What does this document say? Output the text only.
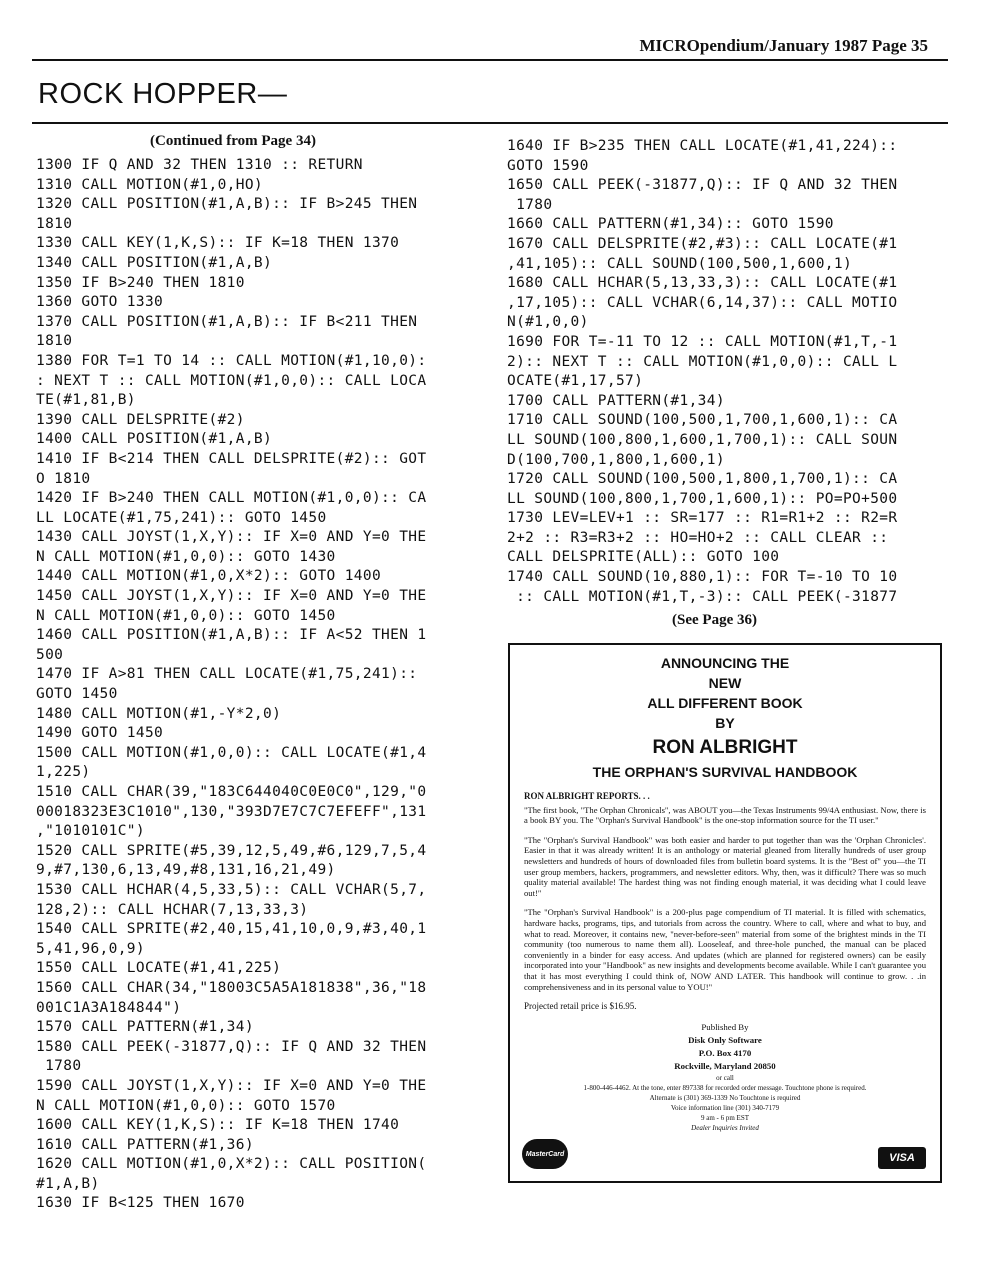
MICROpendium/January 1987 Page 35
ROCK HOPPER—
(Continued from Page 34)
1300 IF Q AND 32 THEN 1310 :: RETURN
1310 CALL MOTION(#1,0,HO)
1320 CALL POSITION(#1,A,B):: IF B>245 THEN
1810
1330 CALL KEY(1,K,S):: IF K=18 THEN 1370
1340 CALL POSITION(#1,A,B)
1350 IF B>240 THEN 1810
1360 GOTO 1330
1370 CALL POSITION(#1,A,B):: IF B<211 THEN
1810
1380 FOR T=1 TO 14 :: CALL MOTION(#1,10,0):
: NEXT T :: CALL MOTION(#1,0,0):: CALL LOCA
TE(#1,81,B)
1390 CALL DELSPRITE(#2)
1400 CALL POSITION(#1,A,B)
1410 IF B<214 THEN CALL DELSPRITE(#2):: GOT
O 1810
1420 IF B>240 THEN CALL MOTION(#1,0,0):: CA
LL LOCATE(#1,75,241):: GOTO 1450
1430 CALL JOYST(1,X,Y):: IF X=0 AND Y=0 THE
N CALL MOTION(#1,0,0):: GOTO 1430
1440 CALL MOTION(#1,0,X*2):: GOTO 1400
1450 CALL JOYST(1,X,Y):: IF X=0 AND Y=0 THE
N CALL MOTION(#1,0,0):: GOTO 1450
1460 CALL POSITION(#1,A,B):: IF A<52 THEN 1
500
1470 IF A>81 THEN CALL LOCATE(#1,75,241)::
GOTO 1450
1480 CALL MOTION(#1,-Y*2,0)
1490 GOTO 1450
1500 CALL MOTION(#1,0,0):: CALL LOCATE(#1,4
1,225)
1510 CALL CHAR(39,"183C644040C0E0C0",129,"0
00018323E3C1010",130,"393D7E7C7C7EFEFF",131
,"1010101C")
1520 CALL SPRITE(#5,39,12,5,49,#6,129,7,5,4
9,#7,130,6,13,49,#8,131,16,21,49)
1530 CALL HCHAR(4,5,33,5):: CALL VCHAR(5,7,
128,2):: CALL HCHAR(7,13,33,3)
1540 CALL SPRITE(#2,40,15,41,10,0,9,#3,40,1
5,41,96,0,9)
1550 CALL LOCATE(#1,41,225)
1560 CALL CHAR(34,"18003C5A5A181838",36,"18
001C1A3A184844")
1570 CALL PATTERN(#1,34)
1580 CALL PEEK(-31877,Q):: IF Q AND 32 THEN
1780
1590 CALL JOYST(1,X,Y):: IF X=0 AND Y=0 THE
N CALL MOTION(#1,0,0):: GOTO 1570
1600 CALL KEY(1,K,S):: IF K=18 THEN 1740
1610 CALL PATTERN(#1,36)
1620 CALL MOTION(#1,0,X*2):: CALL POSITION(
#1,A,B)
1630 IF B<125 THEN 1670
1640 IF B>235 THEN CALL LOCATE(#1,41,224)::
GOTO 1590
1650 CALL PEEK(-31877,Q):: IF Q AND 32 THEN
1780
1660 CALL PATTERN(#1,34):: GOTO 1590
1670 CALL DELSPRITE(#2,#3):: CALL LOCATE(#1
,41,105):: CALL SOUND(100,500,1,600,1)
1680 CALL HCHAR(5,13,33,3):: CALL LOCATE(#1
,17,105):: CALL VCHAR(6,14,37):: CALL MOTIO
N(#1,0,0)
1690 FOR T=-11 TO 12 :: CALL MOTION(#1,T,-1
2):: NEXT T :: CALL MOTION(#1,0,0):: CALL L
OCATE(#1,17,57)
1700 CALL PATTERN(#1,34)
1710 CALL SOUND(100,500,1,700,1,600,1):: CA
LL SOUND(100,800,1,600,1,700,1):: CALL SOUN
D(100,700,1,800,1,600,1)
1720 CALL SOUND(100,500,1,800,1,700,1):: CA
LL SOUND(100,800,1,700,1,600,1):: PO=PO+500
1730 LEV=LEV+1 :: SR=177 :: R1=R1+2 :: R2=R
2+2 :: R3=R3+2 :: HO=HO+2 :: CALL CLEAR ::
CALL DELSPRITE(ALL):: GOTO 100
1740 CALL SOUND(10,880,1):: FOR T=-10 TO 10
:: CALL MOTION(#1,T,-3):: CALL PEEK(-31877
(See Page 36)
ANNOUNCING THE
NEW
ALL DIFFERENT BOOK
BY
RON ALBRIGHT
THE ORPHAN'S SURVIVAL HANDBOOK

RON ALBRIGHT REPORTS. . .

"The first book, "The Orphan Chronicals", was ABOUT you—the Texas Instruments 99/4A enthusiast. Now, there is a book BY you. The "Orphan's Survival Handbook" is the one-stop information source for the TI user."

"The "Orphan's Survival Handbook" was both easier and harder to put together than was the 'Orphan Chronicles'. Easier in that it was already written! It is an anthology or material gleaned from literally hundreds of user group newsletters and hundreds of hours of downloaded files from bulletin board systems. It is the "Best of" you—the TI user group members, hackers, programmers, and newsletter editors. Why, then, was it difficult? There was so much quality material available! The hardest thing was not finding enough material, it was deciding what I could leave out!"

"The "Orphan's Survival Handbook" is a 200-plus page compendium of TI material. It is filled with schematics, hardware hacks, programs, tips, and tutorials from across the country. Where to call, where and what to buy, and what to read. Moreover, it contains new, "never-before-seen" material from some of the brightest minds in the TI community (too numerous to name them all). Looseleaf, and three-hole punched, the manual can be placed conveniently in a binder for easy access. And updates (which are planned for registered owners) can be easily incorporated into your "Handbook" as new insights and developments become available. While I can't guarantee you that it has most everything I could think of, NOW AND LATER. This handbook will continue to grow. . .in comprehensiveness and in its personal value to YOU!"

Projected retail price is $16.95.

Published By
Disk Only Software
P.O. Box 4170
Rockville, Maryland 20850
or call
1-800-446-4462. At the tone, enter 897338 for recorded order message. Touchtone phone is required.
Alternate is (301) 369-1339 No Touchtone is required
Voice information line (301) 340-7179
9 am - 6 pm EST
Dealer Inquiries Invited
MasterCard	VISA
